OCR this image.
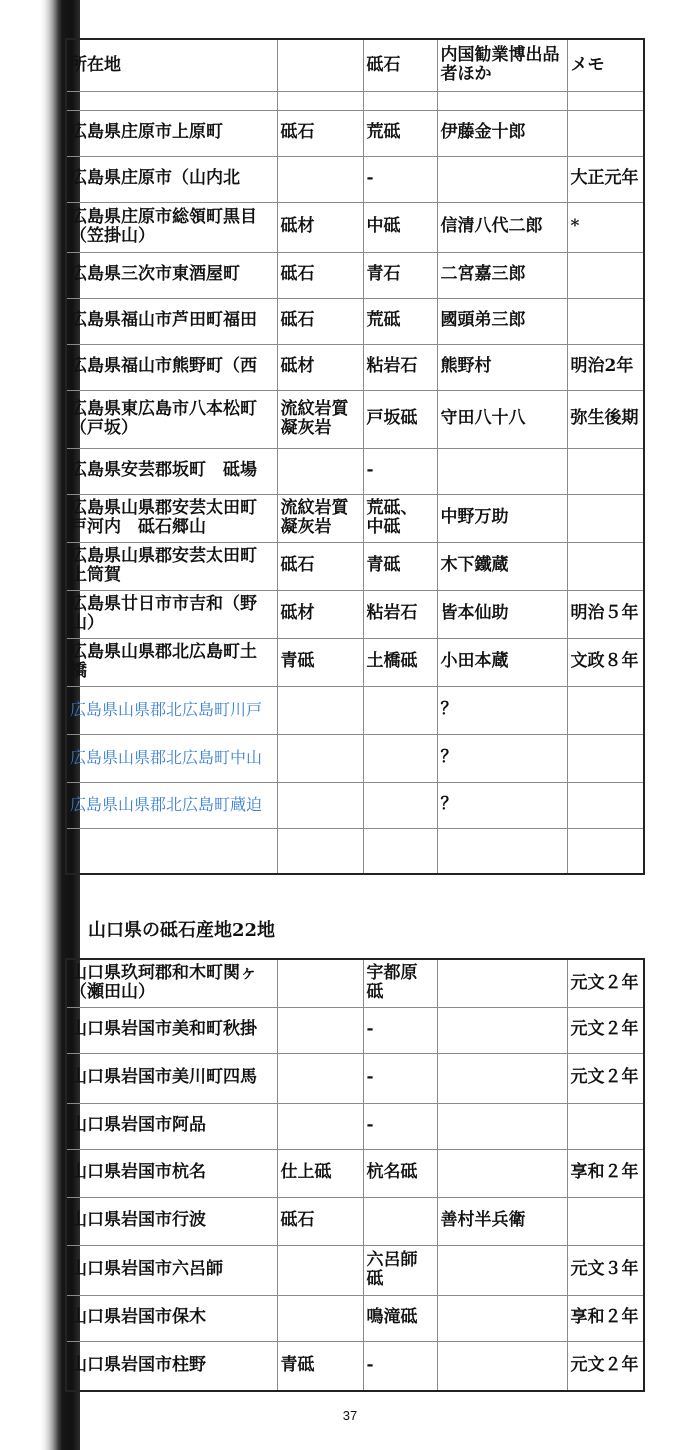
所在地		砥石	内国勧業博出品者ほか	メモ

広島県庄原市上原町	砥石	荒砥	伊藤金十郎	
広島県庄原市（山内北		-		大正元年
広島県庄原市総領町黒目（笠掛山）	砥材	中砥	信清八代二郎	*
広島県三次市東酒屋町	砥石	青石	二宮嘉三郎	
広島県福山市芦田町福田	砥石	荒砥	國頭弟三郎	
広島県福山市熊野町（西	砥材	粘岩石	熊野村	明治2年
広島県東広島市八本松町（戸坂）	流紋岩質凝灰岩	戸坂砥	守田八十八	弥生後期
広島県安芸郡坂町　砥場		-		
広島県山県郡安芸太田町戸河内　砥石郷山	流紋岩質凝灰岩	荒砥、中砥	中野万助	
広島県山県郡安芸太田町上筒賀	砥石	青砥	木下鐵蔵	
広島県廿日市市吉和（野山）	砥材	粘岩石	皆本仙助	明治５年
広島県山県郡北広島町土橋	青砥	土橋砥	小田本蔵	文政８年
広島県山県郡北広島町川戸			？	
広島県山県郡北広島町中山			？	
広島県山県郡北広島町蔵迫			？	

山口県の砥石産地22地
山口県玖珂郡和木町関ヶ（瀬田山）		宇都原砥		元文２年
山口県岩国市美和町秋掛		-		元文２年
山口県岩国市美川町四馬		-		元文２年
山口県岩国市阿品		-		
山口県岩国市杭名	仕上砥	杭名砥		享和２年
山口県岩国市行波	砥石		善村半兵衛	
山口県岩国市六呂師		六呂師砥		元文３年
山口県岩国市保木		鳴滝砥		享和２年
山口県岩国市柱野	青砥	-		元文２年
37
